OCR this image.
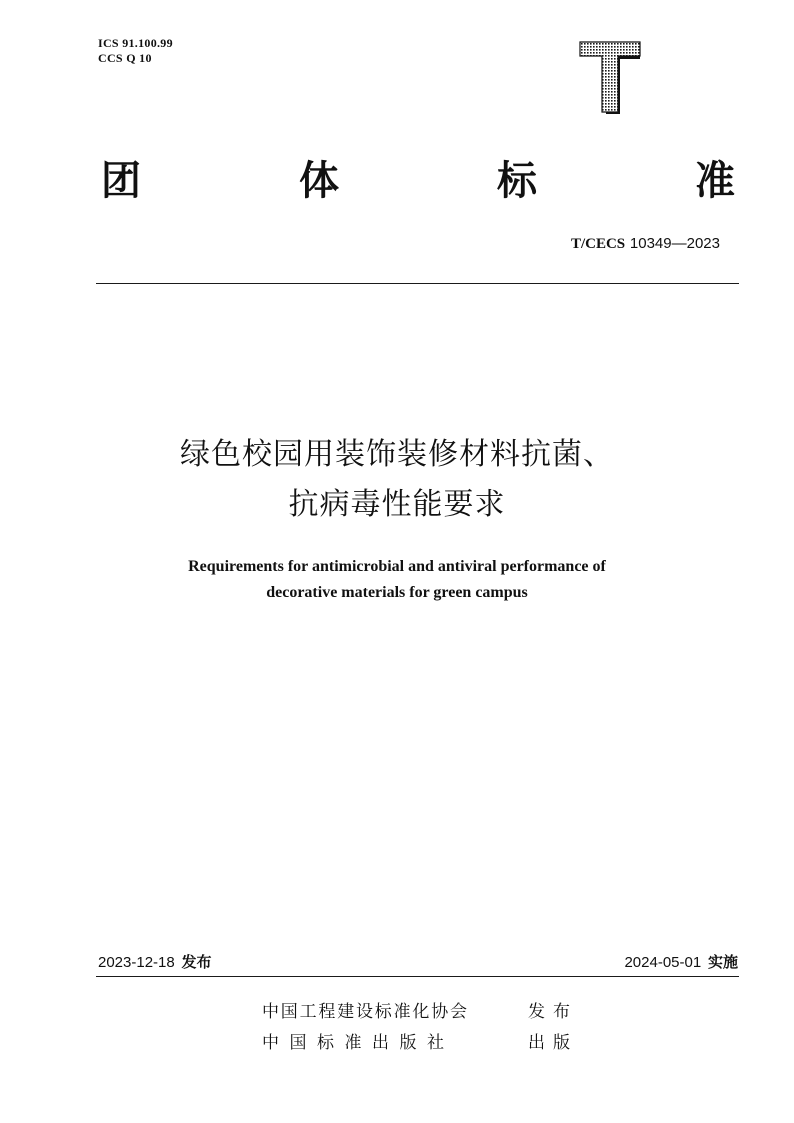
ICS 91.100.99
CCS Q 10
团	体	标	准
T/CECS 10349—2023
绿色校园用装饰装修材料抗菌、
抗病毒性能要求
Requirements for antimicrobial and antiviral performance of
decorative materials for green campus
2023-12-18 发布	2024-05-01 实施
中国工程建设标准化协会	发布
中国标准出版社	出版
